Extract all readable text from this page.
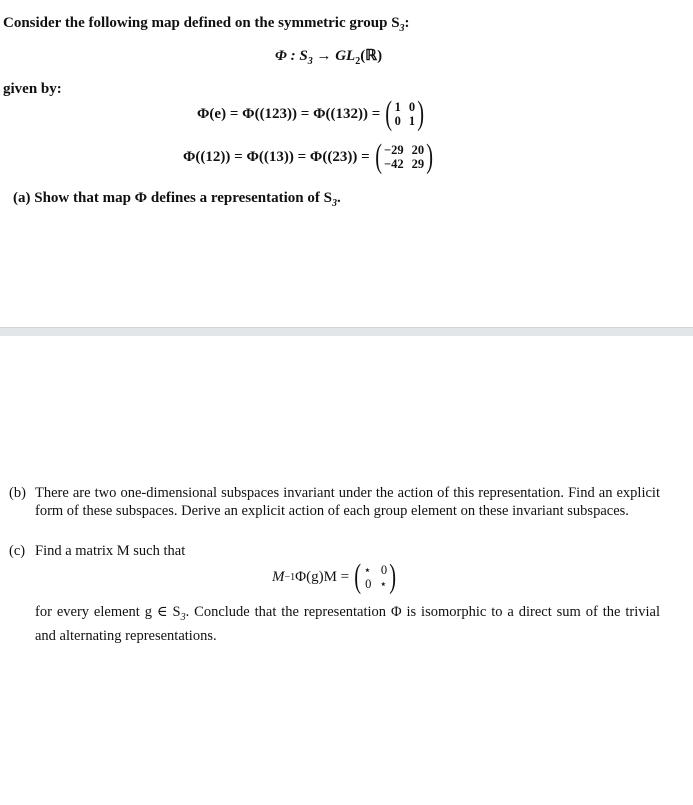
Consider the following map defined on the symmetric group $S_3$:
Φ : $S_3$ → $GL_2(ℝ)$
given by:
Φ(e) = Φ((123)) = Φ((132)) = ( 1 0
0 1 )
Φ((12)) = Φ((13)) = Φ((23)) = ( −29 20
−42 29 )
(a) Show that map Φ defines a representation of $S_3$.
(b) There are two one-dimensional subspaces invariant under the action of this representation. Find an explicit form of these subspaces. Derive an explicit action of each group element on these invariant subspaces.
(c) Find a matrix M such that
M −1 Φ(g)M = ( ⋆ 0
0 ⋆ )
for every element g ∈ $S_3$. Conclude that the representation Φ is isomorphic to a direct sum of the trivial and alternating representations.
